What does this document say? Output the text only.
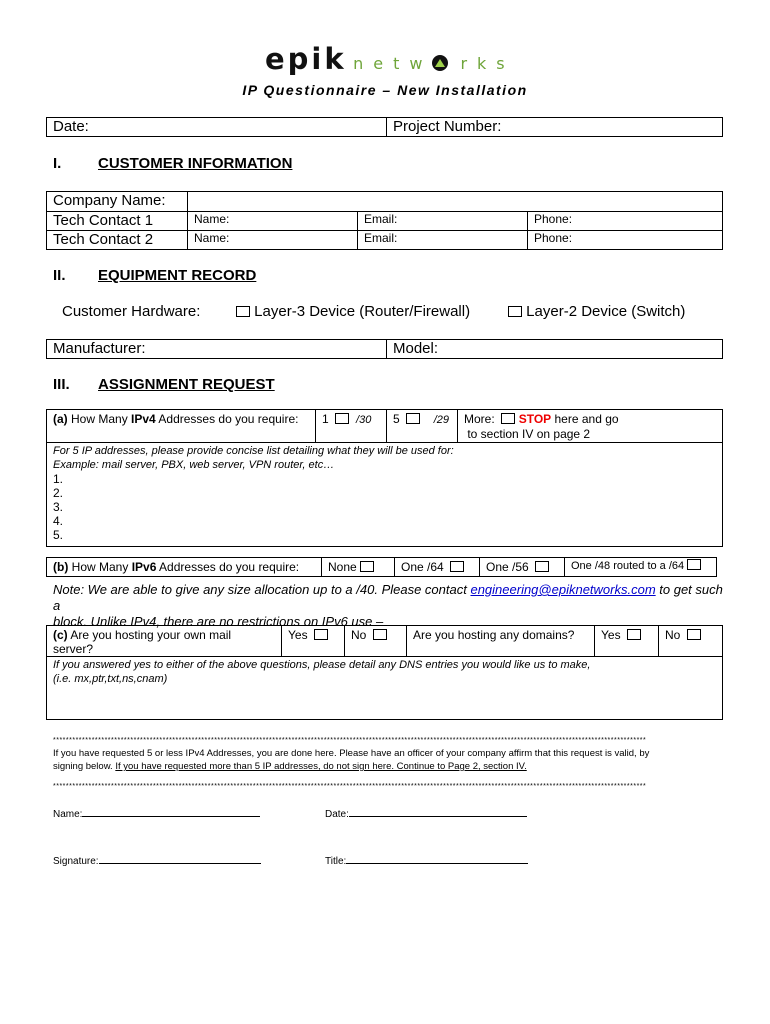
epik netw rks
IP Questionnaire – New Installation
Date:	Project Number:
I. CUSTOMER INFORMATION
Company Name:			
Tech Contact 1	Name:	Email:	Phone:
Tech Contact 2	Name:	Email:	Phone:
II. EQUIPMENT RECORD
Customer Hardware:	Layer-3 Device (Router/Firewall)	Layer-2 Device (Switch)
Manufacturer:	Model:
III. ASSIGNMENT REQUEST
(a) How Many IPv4 Addresses do you require:	1 /30	5	/29	More: STOP here and go
to section IV on page 2

For 5 IP addresses, please provide concise list detailing what they will be used for:
Example: mail server, PBX, web server, VPN router, etc…
1.
2.
3.
4.
5.
(b) How Many IPv6 Addresses do you require:	None	One /64	One /56	One /48 routed to a /64
Note: We are able to give any size allocation up to a /40. Please contact engineering@epiknetworks.com to get such a
block. Unlike IPv4, there are no restrictions on IPv6 use –
(c) Are you hosting your own mail
server?	Yes	No	Are you hosting any domains?	Yes	No

If you answered yes to either of the above questions, please detail any DNS entries you would like us to make,
(i.e. mx,ptr,txt,ns,cnam)
****************************************************************************************************************************************************************************************
If you have requested 5 or less IPv4 Addresses, you are done here. Please have an officer of your company affirm that this request is valid, by
signing below. If you have requested more than 5 IP addresses, do not sign here. Continue to Page 2, section IV.
****************************************************************************************************************************************************************************************
Name:	Date:
Signature:	Title:
